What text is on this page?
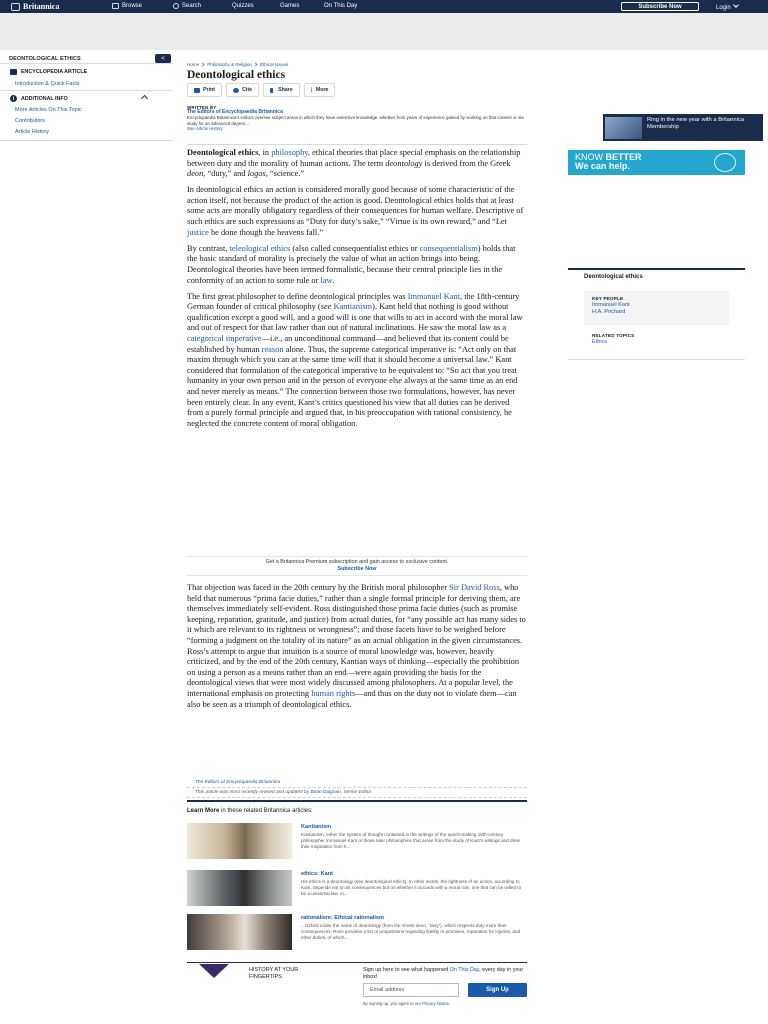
Britannica	Browse	Search	Quizzes	Games	On This Day	Subscribe Now	Login
DEONTOLOGICAL ETHICS	<
ENCYCLOPEDIA ARTICLE
Introduction & Quick Facts
i	ADDITIONAL INFO
More Articles On This Topic
Contributors
Article History
Home Philosophy & Religion Ethical Issues
Deontological ethics
Print	Cite	Share	More
WRITTEN BY
The Editors of Encyclopaedia Britannica
Encyclopaedia Britannica's editors oversee subject areas in which they have extensive knowledge, whether from years of experience gained by working on that content or via study for an advanced degree....
See Article History

Deontological ethics, in philosophy, ethical theories that place special emphasis on the relationship between duty and the morality of human actions. The term deontology is derived from the Greek deon, “duty,” and logos, “science.”

In deontological ethics an action is considered morally good because of some characteristic of the action itself, not because the product of the action is good. Deontological ethics holds that at least some acts are morally obligatory regardless of their consequences for human welfare. Descriptive of such ethics are such expressions as “Duty for duty’s sake,” “Virtue is its own reward,” and “Let justice be done though the heavens fall.”

By contrast, teleological ethics (also called consequentialist ethics or consequentialism) holds that the basic standard of morality is precisely the value of what an action brings into being. Deontological theories have been termed formalistic, because their central principle lies in the conformity of an action to some rule or law.

The first great philosopher to define deontological principles was Immanuel Kant, the 18th-century German founder of critical philosophy (see Kantianism). Kant held that nothing is good without qualification except a good will, and a good will is one that wills to act in accord with the moral law and out of respect for that law rather than out of natural inclinations. He saw the moral law as a categorical imperative—i.e., an unconditional command—and believed that its content could be established by human reason alone. Thus, the supreme categorical imperative is: “Act only on that maxim through which you can at the same time will that it should become a universal law.” Kant considered that formulation of the categorical imperative to be equivalent to: “So act that you treat humanity in your own person and in the person of everyone else always at the same time as an end and never merely as means.” The connection between those two formulations, however, has never been entirely clear. In any event, Kant’s critics questioned his view that all duties can be derived from a purely formal principle and argued that, in his preoccupation with rational consistency, he neglected the concrete content of moral obligation.

Get a Britannica Premium subscription and gain access to exclusive content.
Subscribe Now

That objection was faced in the 20th century by the British moral philosopher Sir David Ross, who held that numerous “prima facie duties,” rather than a single formal principle for deriving them, are themselves immediately self-evident. Ross distinguished those prima facie duties (such as promise keeping, reparation, gratitude, and justice) from actual duties, for “any possible act has many sides to it which are relevant to its rightness or wrongness”; and those facets have to be weighed before “forming a judgment on the totality of its nature” as an actual obligation in the given circumstances. Ross’s attempt to argue that intuition is a source of moral knowledge was, however, heavily criticized, and by the end of the 20th century, Kantian ways of thinking—especially the prohibition on using a person as a means rather than an end—were again providing the basis for the deontological views that were most widely discussed among philosophers. At a popular level, the international emphasis on protecting human rights—and thus on the duty not to violate them—can also be seen as a triumph of deontological ethics.

The Editors of Encyclopaedia Britannica
This article was most recently revised and updated by Brian Duignan, Senior Editor.
Learn More in these related Britannica articles:
Kantianism
Kantianism, either the system of thought contained in the writings of the epoch-making 18th-century philosopher Immanuel Kant or those later philosophies that arose from the study of Kant’s writings and drew their inspiration from h...
ethics: Kant
His ethics is a deontology (see deontological ethics). In other words, the rightness of an action, according to Kant, depends not on its consequences but on whether it accords with a moral rule, one that can be willed to be a universal law. In...
rationalism: Ethical rationalism
...Oxford under the name of deontology (from the Greek deon, “duty”), which respects duty more than consequences. Ross provides a list of propositions regarding fidelity to promises, reparation for injuries, and other duties, of which...
HISTORY AT YOUR FINGERTIPS
Sign up here to see what happened On This Day, every day in your inbox!
Email address	Sign Up
By signing up, you agree to our Privacy Notice.
Ring in the new year with a Britannica Membership
KNOW BETTER
We can help.
Deontological ethics
KEY PEOPLE
Immanuel Kant
H.A. Prichard
RELATED TOPICS
Ethics
